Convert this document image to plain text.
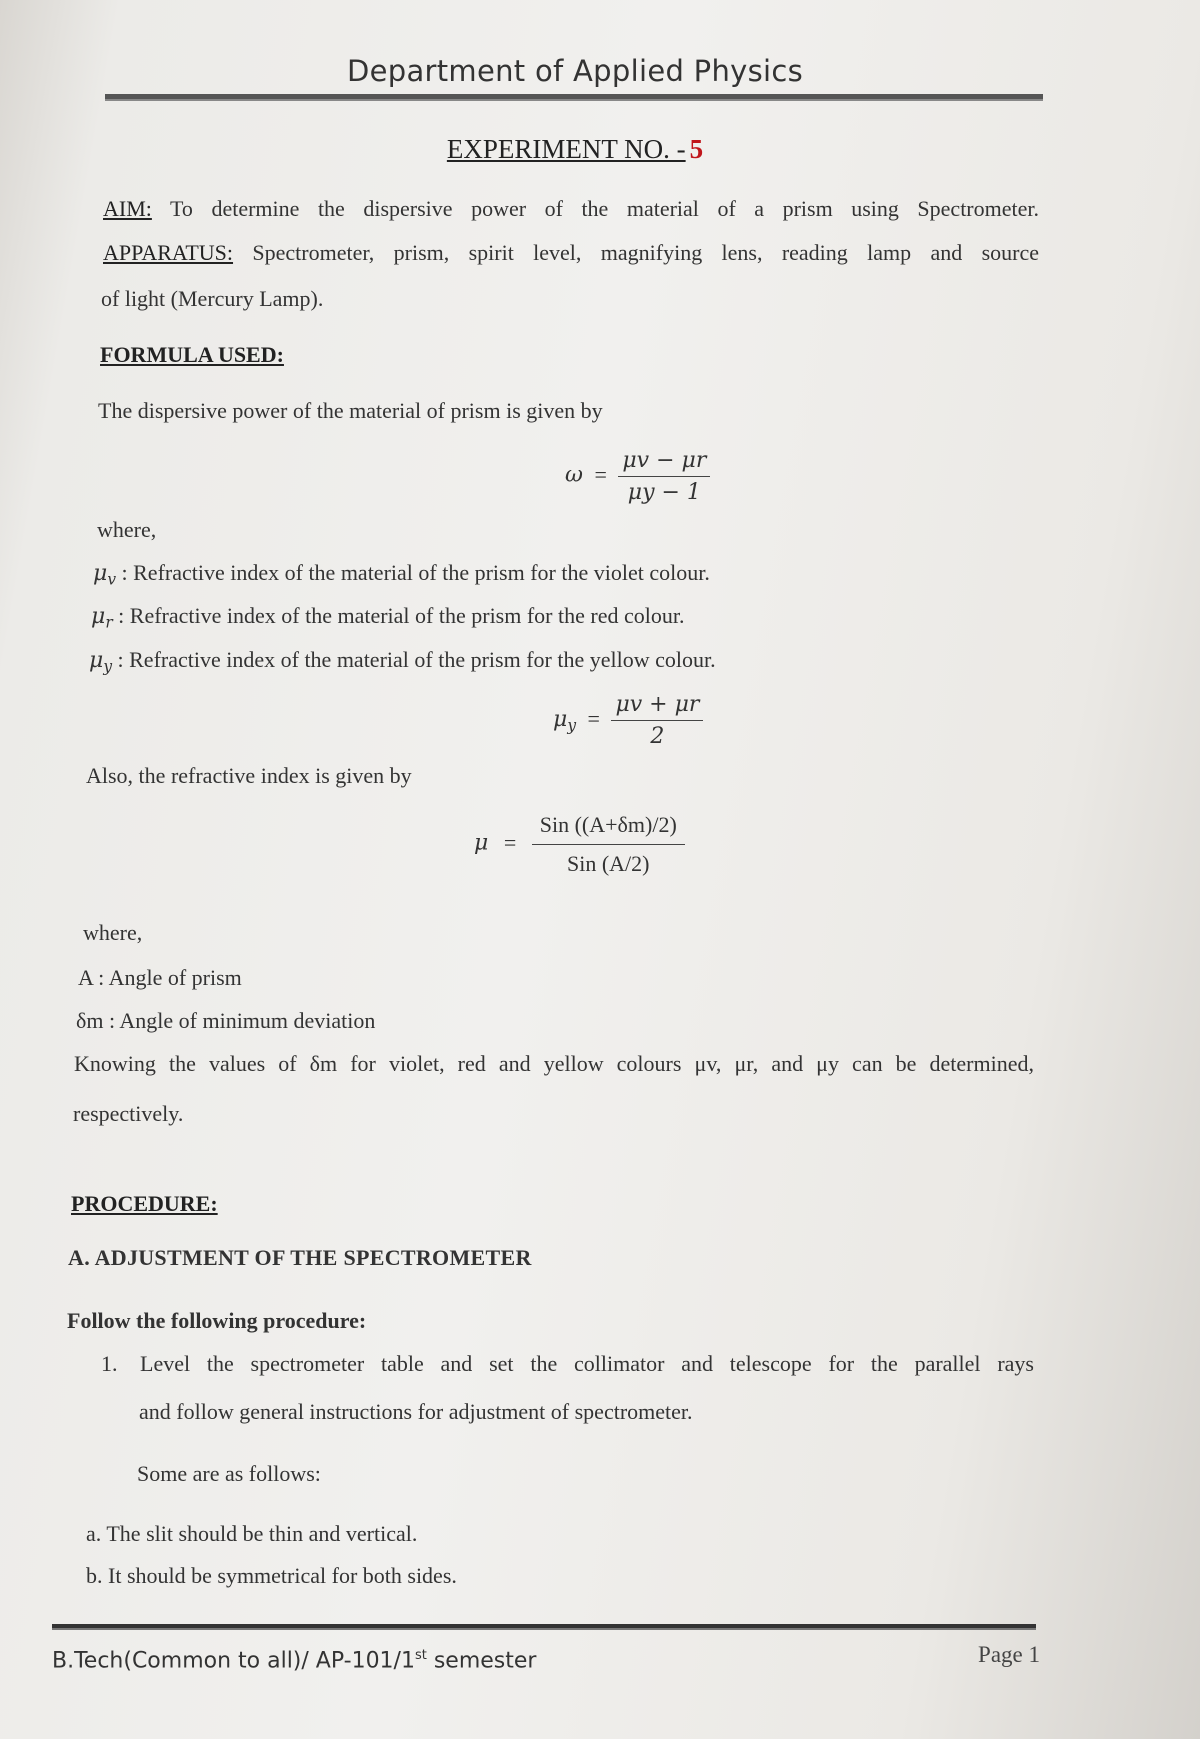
Department of Applied Physics
EXPERIMENT NO. - 5
AIM: To determine the dispersive power of the material of a prism using Spectrometer.
APPARATUS: Spectrometer, prism, spirit level, magnifying lens, reading lamp and source
of light (Mercury Lamp).
FORMULA USED:
The dispersive power of the material of prism is given by
$\omega = \frac{\mu v - \mu r}{\mu y - 1}$
where,
$\mu_v$ : Refractive index of the material of the prism for the violet colour.
$\mu_r$ : Refractive index of the material of the prism for the red colour.
$\mu_y$ : Refractive index of the material of the prism for the yellow colour.
$\mu_y = \frac{\mu v + \mu r}{2}$
Also, the refractive index is given by
$\mu = \frac{\text{Sin ((A+δm)/2)}}{\text{Sin (A/2)}}$
where,
A : Angle of prism
δm : Angle of minimum deviation
Knowing the values of δm for violet, red and yellow colours μv, μr, and μy can be determined,
respectively.
PROCEDURE:
A. ADJUSTMENT OF THE SPECTROMETER
Follow the following procedure:
1. Level the spectrometer table and set the collimator and telescope for the parallel rays
and follow general instructions for adjustment of spectrometer.
Some are as follows:
a. The slit should be thin and vertical.
b. It should be symmetrical for both sides.
B.Tech(Common to all)/ AP-101/1st semester	Page 1
